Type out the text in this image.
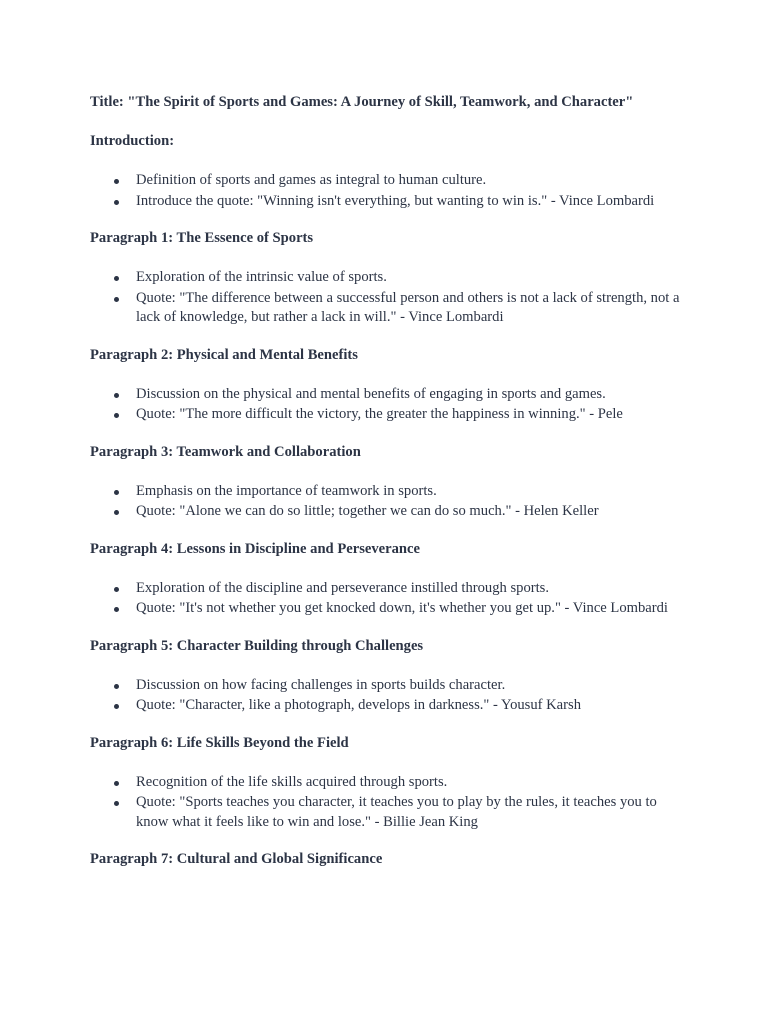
Title: "The Spirit of Sports and Games: A Journey of Skill, Teamwork, and Character"

Introduction:

Definition of sports and games as integral to human culture.
Introduce the quote: "Winning isn't everything, but wanting to win is." - Vince Lombardi

Paragraph 1: The Essence of Sports

Exploration of the intrinsic value of sports.
Quote: "The difference between a successful person and others is not a lack of strength, not a lack of knowledge, but rather a lack in will." - Vince Lombardi

Paragraph 2: Physical and Mental Benefits

Discussion on the physical and mental benefits of engaging in sports and games.
Quote: "The more difficult the victory, the greater the happiness in winning." - Pele

Paragraph 3: Teamwork and Collaboration

Emphasis on the importance of teamwork in sports.
Quote: "Alone we can do so little; together we can do so much." - Helen Keller

Paragraph 4: Lessons in Discipline and Perseverance

Exploration of the discipline and perseverance instilled through sports.
Quote: "It's not whether you get knocked down, it's whether you get up." - Vince Lombardi

Paragraph 5: Character Building through Challenges

Discussion on how facing challenges in sports builds character.
Quote: "Character, like a photograph, develops in darkness." - Yousuf Karsh

Paragraph 6: Life Skills Beyond the Field

Recognition of the life skills acquired through sports.
Quote: "Sports teaches you character, it teaches you to play by the rules, it teaches you to know what it feels like to win and lose." - Billie Jean King

Paragraph 7: Cultural and Global Significance
